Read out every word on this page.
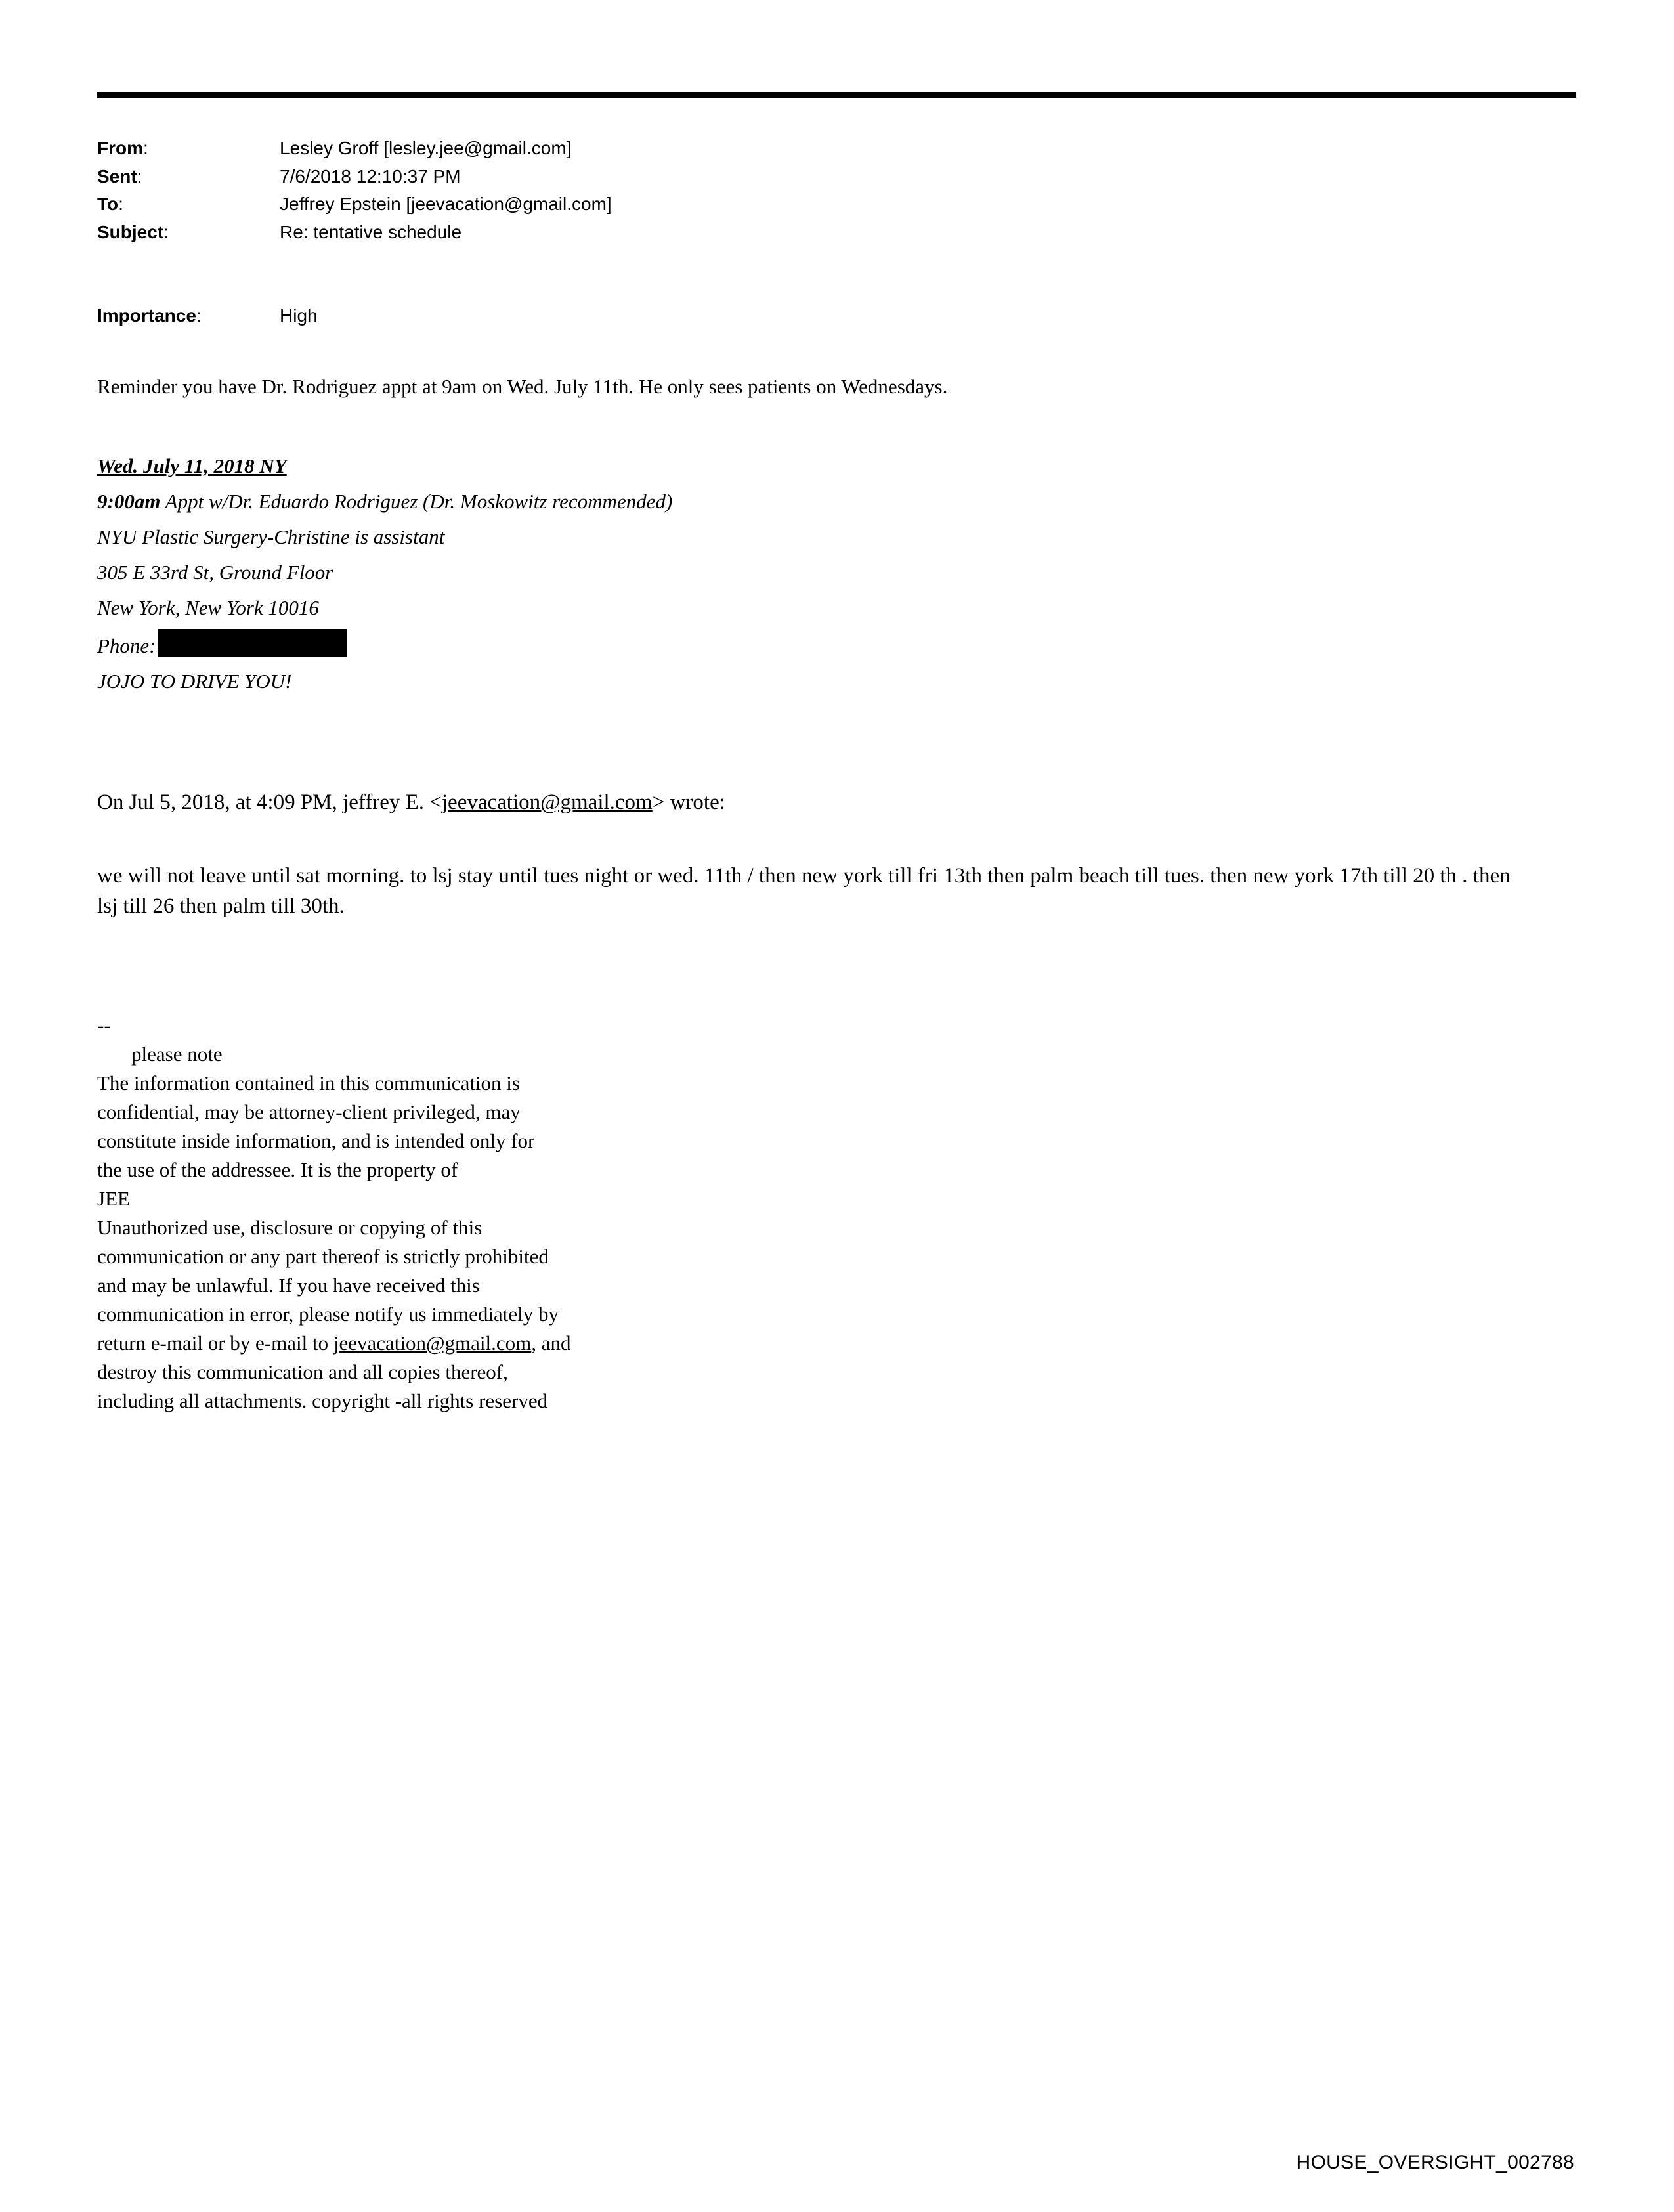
From:	Lesley Groff [lesley.jee@gmail.com]
Sent:	7/6/2018 12:10:37 PM
To:	Jeffrey Epstein [jeevacation@gmail.com]
Subject:	Re: tentative schedule
Importance:	High
Reminder you have Dr. Rodriguez appt at 9am on Wed. July 11th. He only sees patients on Wednesdays.
Wed. July 11, 2018 NY
9:00am Appt w/Dr. Eduardo Rodriguez (Dr. Moskowitz recommended)
NYU Plastic Surgery-Christine is assistant
305 E 33rd St, Ground Floor
New York, New York 10016
Phone:
JOJO TO DRIVE YOU!
On Jul 5, 2018, at 4:09 PM, jeffrey E. <jeevacation@gmail.com> wrote:
we will not leave until sat morning. to lsj stay until tues night or wed. 11th / then new york till fri 13th then palm beach till tues. then new york 17th till 20 th . then lsj till 26 then palm till 30th.
--
please note
The information contained in this communication is
confidential, may be attorney-client privileged, may
constitute inside information, and is intended only for
the use of the addressee. It is the property of
JEE
Unauthorized use, disclosure or copying of this
communication or any part thereof is strictly prohibited
and may be unlawful. If you have received this
communication in error, please notify us immediately by
return e-mail or by e-mail to jeevacation@gmail.com, and
destroy this communication and all copies thereof,
including all attachments. copyright -all rights reserved
HOUSE_OVERSIGHT_002788
